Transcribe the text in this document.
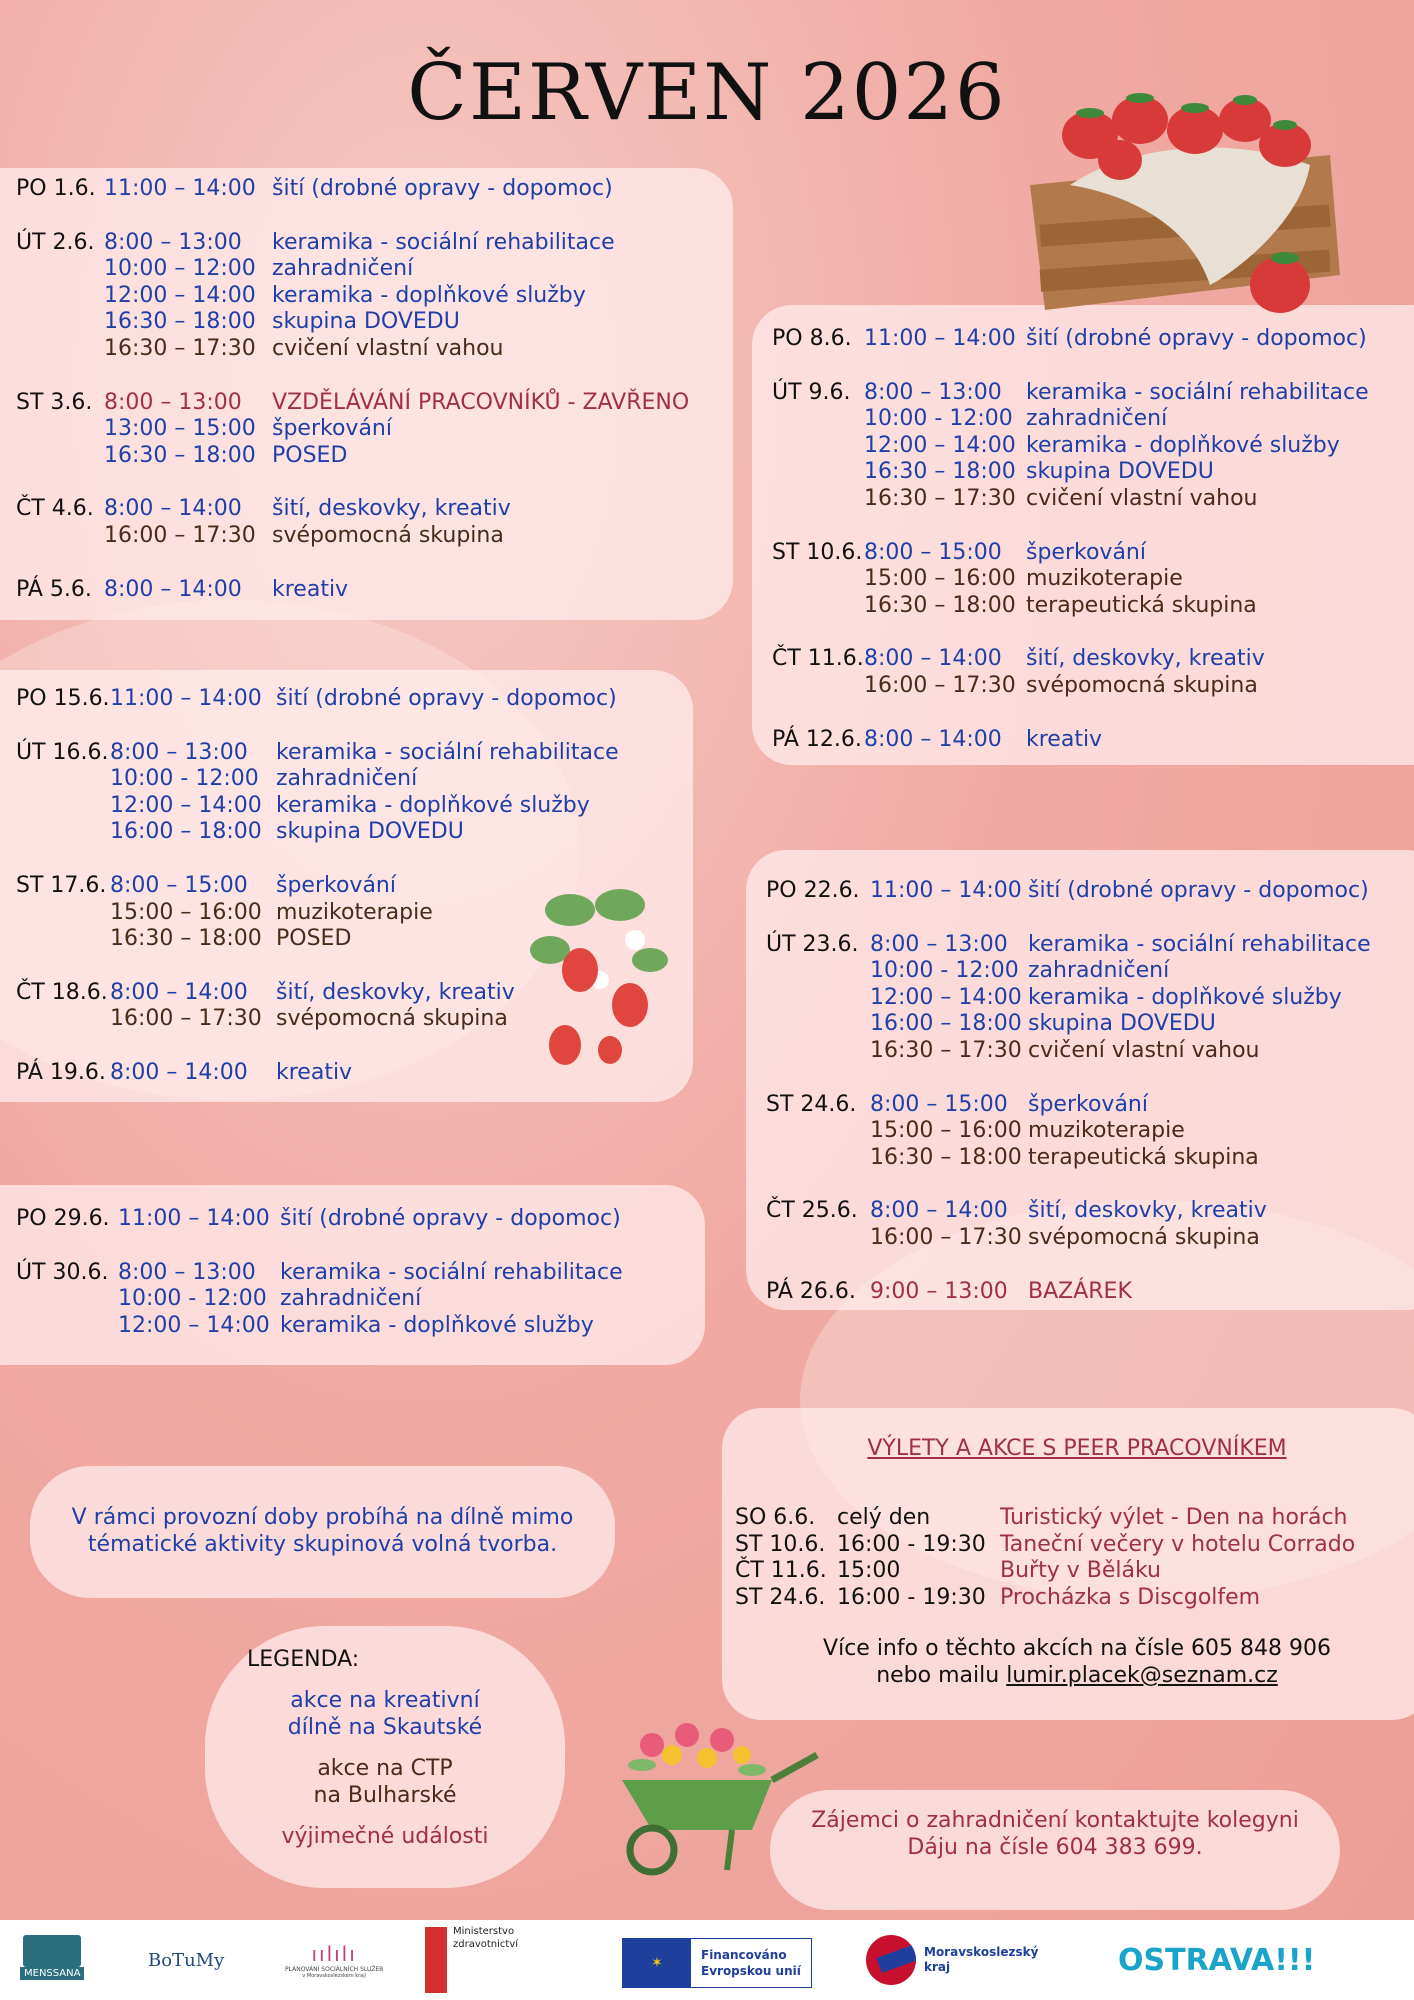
ČERVEN 2026
PO 1.6. 11:00 – 14:00 šití (drobné opravy - dopomoc)
ÚT 2.6. 8:00 – 13:00 keramika - sociální rehabilitace
10:00 – 12:00 zahradničení
12:00 – 14:00 keramika - doplňkové služby
16:30 – 18:00 skupina DOVEDU
16:30 – 17:30 cvičení vlastní vahou
ST 3.6. 8:00 – 13:00 VZDĚLÁVÁNÍ PRACOVNÍKŮ - ZAVŘENO
13:00 – 15:00 šperkování
16:30 – 18:00 POSED
ČT 4.6. 8:00 – 14:00 šití, deskovky, kreativ
16:00 – 17:30 svépomocná skupina
PÁ 5.6. 8:00 – 14:00 kreativ
PO 8.6. 11:00 – 14:00 šití (drobné opravy - dopomoc)
ÚT 9.6. 8:00 – 13:00 keramika - sociální rehabilitace
10:00 - 12:00 zahradničení
12:00 – 14:00 keramika - doplňkové služby
16:30 – 18:00 skupina DOVEDU
16:30 – 17:30 cvičení vlastní vahou
ST 10.6. 8:00 – 15:00 šperkování
15:00 – 16:00 muzikoterapie
16:30 – 18:00 terapeutická skupina
ČT 11.6. 8:00 – 14:00 šití, deskovky, kreativ
16:00 – 17:30 svépomocná skupina
PÁ 12.6. 8:00 – 14:00 kreativ
PO 15.6. 11:00 – 14:00 šití (drobné opravy - dopomoc)
ÚT 16.6. 8:00 – 13:00 keramika - sociální rehabilitace
10:00 - 12:00 zahradničení
12:00 – 14:00 keramika - doplňkové služby
16:00 – 18:00 skupina DOVEDU
ST 17.6. 8:00 – 15:00 šperkování
15:00 – 16:00 muzikoterapie
16:30 – 18:00 POSED
ČT 18.6. 8:00 – 14:00 šití, deskovky, kreativ
16:00 – 17:30 svépomocná skupina
PÁ 19.6. 8:00 – 14:00 kreativ
PO 22.6. 11:00 – 14:00 šití (drobné opravy - dopomoc)
ÚT 23.6. 8:00 – 13:00 keramika - sociální rehabilitace
10:00 - 12:00 zahradničení
12:00 – 14:00 keramika - doplňkové služby
16:00 – 18:00 skupina DOVEDU
16:30 – 17:30 cvičení vlastní vahou
ST 24.6. 8:00 – 15:00 šperkování
15:00 – 16:00 muzikoterapie
16:30 – 18:00 terapeutická skupina
ČT 25.6. 8:00 – 14:00 šití, deskovky, kreativ
16:00 – 17:30 svépomocná skupina
PÁ 26.6. 9:00 – 13:00 BAZÁREK
PO 29.6. 11:00 – 14:00 šití (drobné opravy - dopomoc)
ÚT 30.6. 8:00 – 13:00 keramika - sociální rehabilitace
10:00 - 12:00 zahradničení
12:00 – 14:00 keramika - doplňkové služby
V rámci provozní doby probíhá na dílně mimo
tématické aktivity skupinová volná tvorba.
LEGENDA:
akce na kreativní
dílně na Skautské
akce na CTP
na Bulharské
výjimečné události
VÝLETY A AKCE S PEER PRACOVNÍKEM
SO 6.6. celý den	Turistický výlet - Den na horách
ST 10.6. 16:00 - 19:30 Taneční večery v hotelu Corrado
ČT 11.6. 15:00	Buřty v Běláku
ST 24.6. 16:00 - 19:30 Procházka s Discgolfem
Více info o těchto akcích na čísle 605 848 906
nebo mailu lumir.placek@seznam.cz
Zájemci o zahradničení kontaktujte kolegyni
Dáju na čísle 604 383 699.
MENSSANA
BoTuMy	ıılılı
PLÁNOVÁNÍ SOCIÁLNÍCH SLUŽEB
v Moravskoslezském kraji
Ministerstvo
zdravotnictví
✶	Financováno
Evropskou unií
Moravskoslezský
kraj	OSTRAVA!!!
